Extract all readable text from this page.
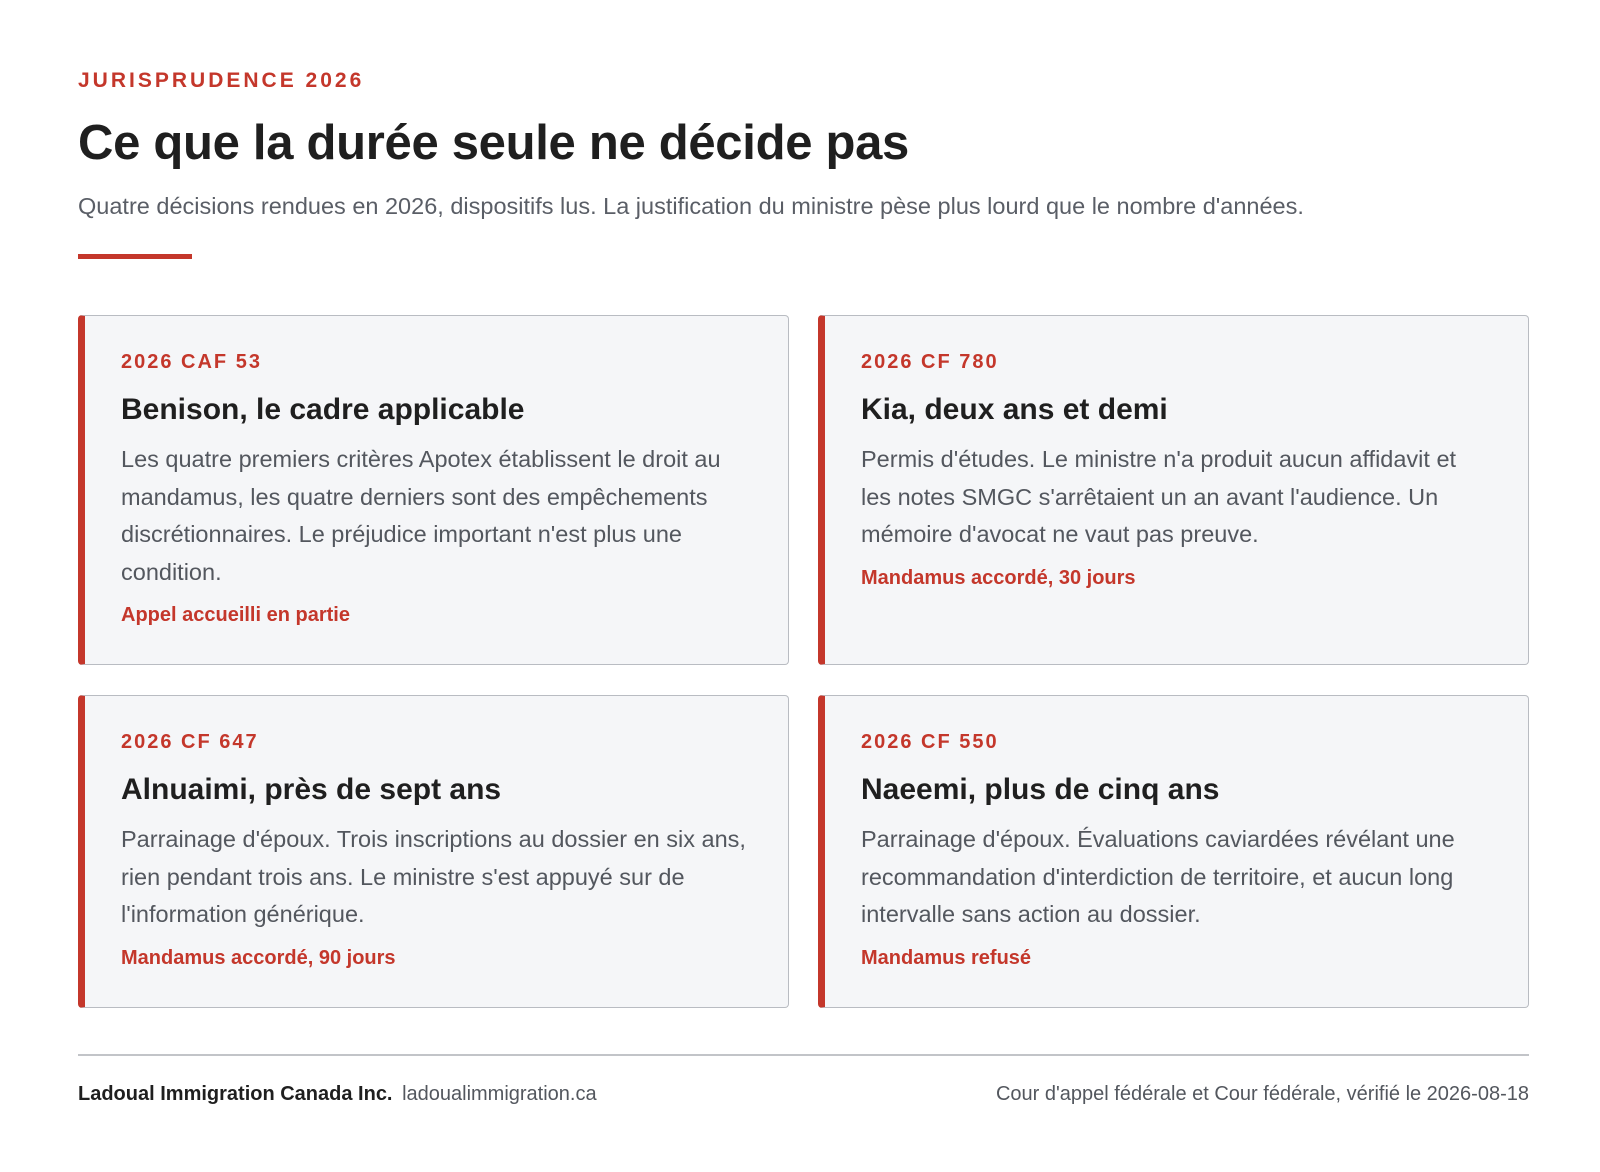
JURISPRUDENCE 2026

Ce que la durée seule ne décide pas

Quatre décisions rendues en 2026, dispositifs lus. La justification du ministre pèse plus lourd que le nombre d'années.

2026 CAF 53
Benison, le cadre applicable
Les quatre premiers critères Apotex établissent le droit au mandamus, les quatre derniers sont des empêchements discrétionnaires. Le préjudice important n'est plus une condition.
Appel accueilli en partie
2026 CF 780
Kia, deux ans et demi
Permis d'études. Le ministre n'a produit aucun affidavit et les notes SMGC s'arrêtaient un an avant l'audience. Un mémoire d'avocat ne vaut pas preuve.
Mandamus accordé, 30 jours
2026 CF 647
Alnuaimi, près de sept ans
Parrainage d'époux. Trois inscriptions au dossier en six ans, rien pendant trois ans. Le ministre s'est appuyé sur de l'information générique.
Mandamus accordé, 90 jours
2026 CF 550
Naeemi, plus de cinq ans
Parrainage d'époux. Évaluations caviardées révélant une recommandation d'interdiction de territoire, et aucun long intervalle sans action au dossier.
Mandamus refusé
Ladoual Immigration Canada Inc. ladoualimmigration.ca	Cour d'appel fédérale et Cour fédérale, vérifié le 2026-08-18
